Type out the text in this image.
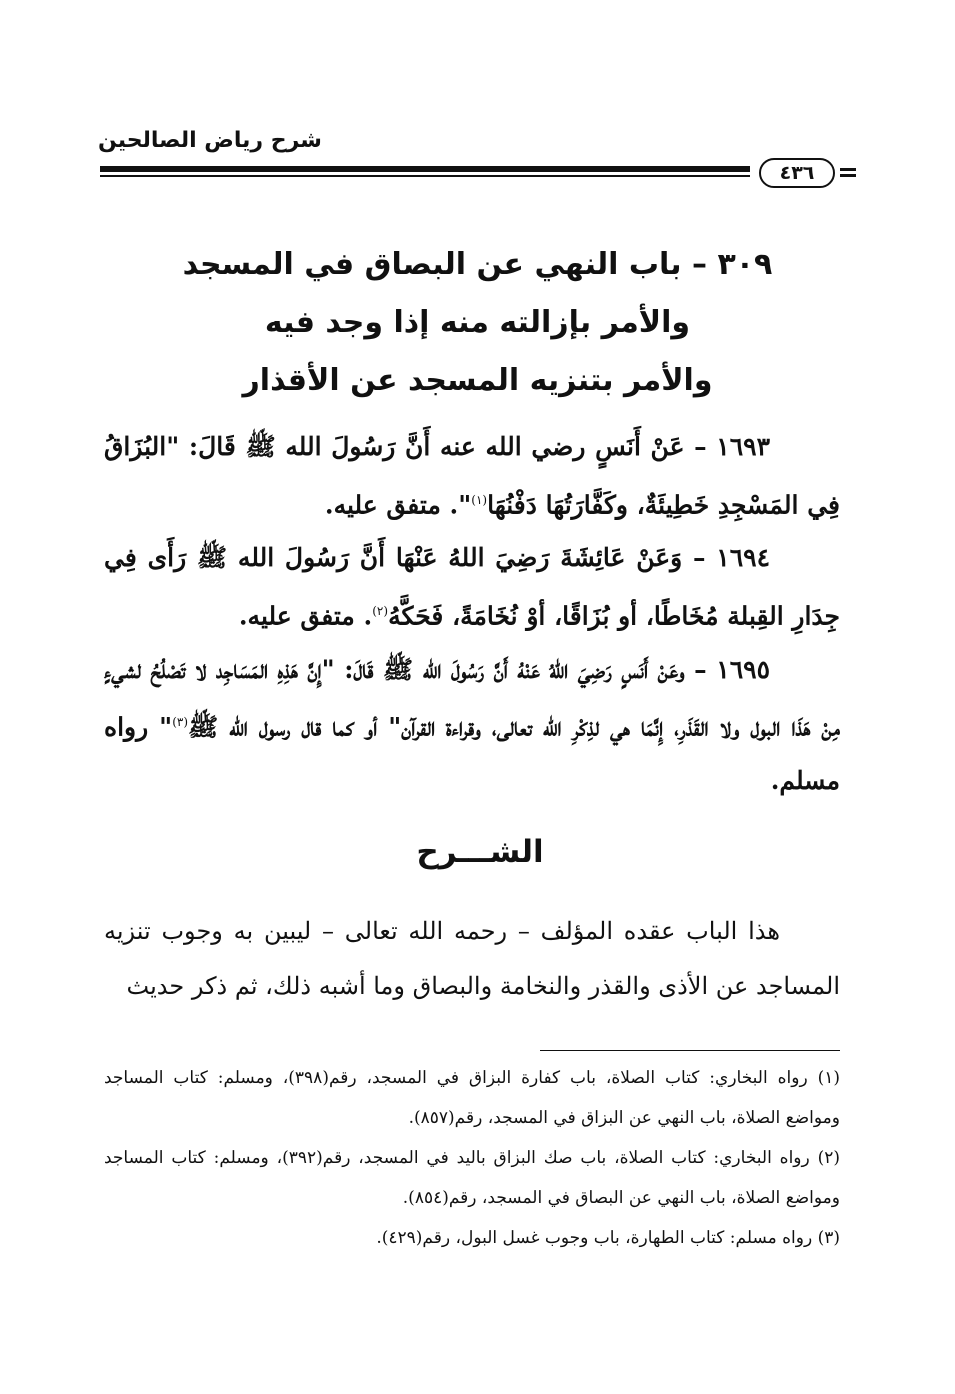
شرح رياض الصالحين
٤٣٦
٣٠٩ – باب النهي عن البصاق في المسجد
والأمر بإزالته منه إذا وجد فيه
والأمر بتنزيه المسجد عن الأقذار

١٦٩٣ – عَنْ أَنَسٍ رضي الله عنه أَنَّ رَسُولَ الله ﷺ قَالَ: "البُزَاقُ فِي المَسْجِدِ خَطِيئَةٌ، وكَفَّارَتُهَا دَفْنُهَا$^{(١)}$". متفق عليه.

١٦٩٤ – وَعَنْ عَائِشَةَ رَضِيَ اللهُ عَنْهَا أَنَّ رَسُولَ الله ﷺ رَأَى فِي جِدَارِ القِبلة مُخَاطًا، أو بُزَاقًا، أوْ نُخَامَةً، فَحَكَّهُ$^{(٢)}$. متفق عليه.

١٦٩٥ – وعَنْ أَنَسٍ رَضِيَ اللهُ عَنْهُ أَنَّ رَسُولَ الله ﷺ قَالَ: "إِنَّ هَذِهِ المَسَاجِد لا تَصْلُحُ لشيءٍ مِنْ هَذَا البول ولا القَذَرِ، إِنَّمَا هي لذِكْرِ الله تعالى، وقراءة القرآن" أو كما قال رسول الله ﷺ$^{(٣)}$" رواه مسلم.

الشـــرح

هذا الباب عقده المؤلف – رحمه الله تعالى – ليبين به وجوب تنزيه المساجد عن الأذى والقذر والنخامة والبصاق وما أشبه ذلك، ثم ذكر حديث

(١) رواه البخاري: كتاب الصلاة، باب كفارة البزاق في المسجد، رقم(٣٩٨)، ومسلم: كتاب المساجد ومواضع الصلاة، باب النهي عن البزاق في المسجد، رقم(٨٥٧).

(٢) رواه البخاري: كتاب الصلاة، باب صك البزاق باليد في المسجد، رقم(٣٩٢)، ومسلم: كتاب المساجد ومواضع الصلاة، باب النهي عن البصاق في المسجد، رقم(٨٥٤).

(٣) رواه مسلم: كتاب الطهارة، باب وجوب غسل البول، رقم(٤٢٩).
